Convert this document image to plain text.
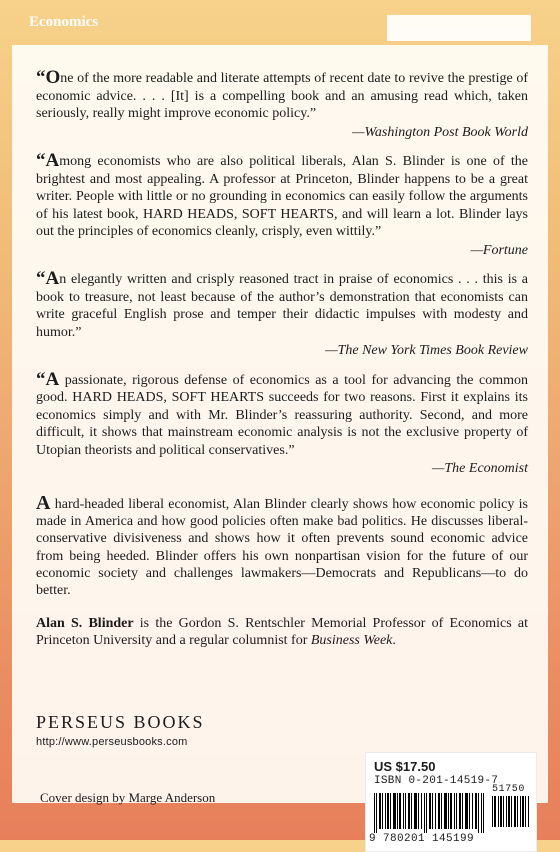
Economics
“One of the more readable and literate attempts of recent date to revive the prestige of economic advice. . . . [It] is a compelling book and an amusing read which, taken seriously, really might improve economic policy.”
—Washington Post Book World
“Among economists who are also political liberals, Alan S. Blinder is one of the brightest and most appealing. A professor at Princeton, Blinder happens to be a great writer. People with little or no grounding in economics can easily follow the arguments of his latest book, HARD HEADS, SOFT HEARTS, and will learn a lot. Blinder lays out the principles of economics cleanly, crisply, even wittily.”
—Fortune
“An elegantly written and crisply reasoned tract in praise of economics . . . this is a book to treasure, not least because of the author’s demonstration that economists can write graceful English prose and temper their didactic impulses with modesty and humor.”
—The New York Times Book Review
“A passionate, rigorous defense of economics as a tool for advancing the common good. HARD HEADS, SOFT HEARTS succeeds for two reasons. First it explains its economics simply and with Mr. Blinder’s reassuring authority. Second, and more difficult, it shows that mainstream economic analysis is not the exclusive property of Utopian theorists and political conservatives.”
—The Economist
A hard-headed liberal economist, Alan Blinder clearly shows how economic policy is made in America and how good policies often make bad politics. He discusses liberal-conservative divisiveness and shows how it often prevents sound economic advice from being heeded. Blinder offers his own nonpartisan vision for the future of our economic society and challenges lawmakers—Democrats and Republicans—to do better.
Alan S. Blinder is the Gordon S. Rentschler Memorial Professor of Economics at Princeton University and a regular columnist for Business Week.
PERSEUS BOOKS
http://www.perseusbooks.com
US $17.50
ISBN 0-201-14519-7
51750
9 780201 145199
Cover design by Marge Anderson
